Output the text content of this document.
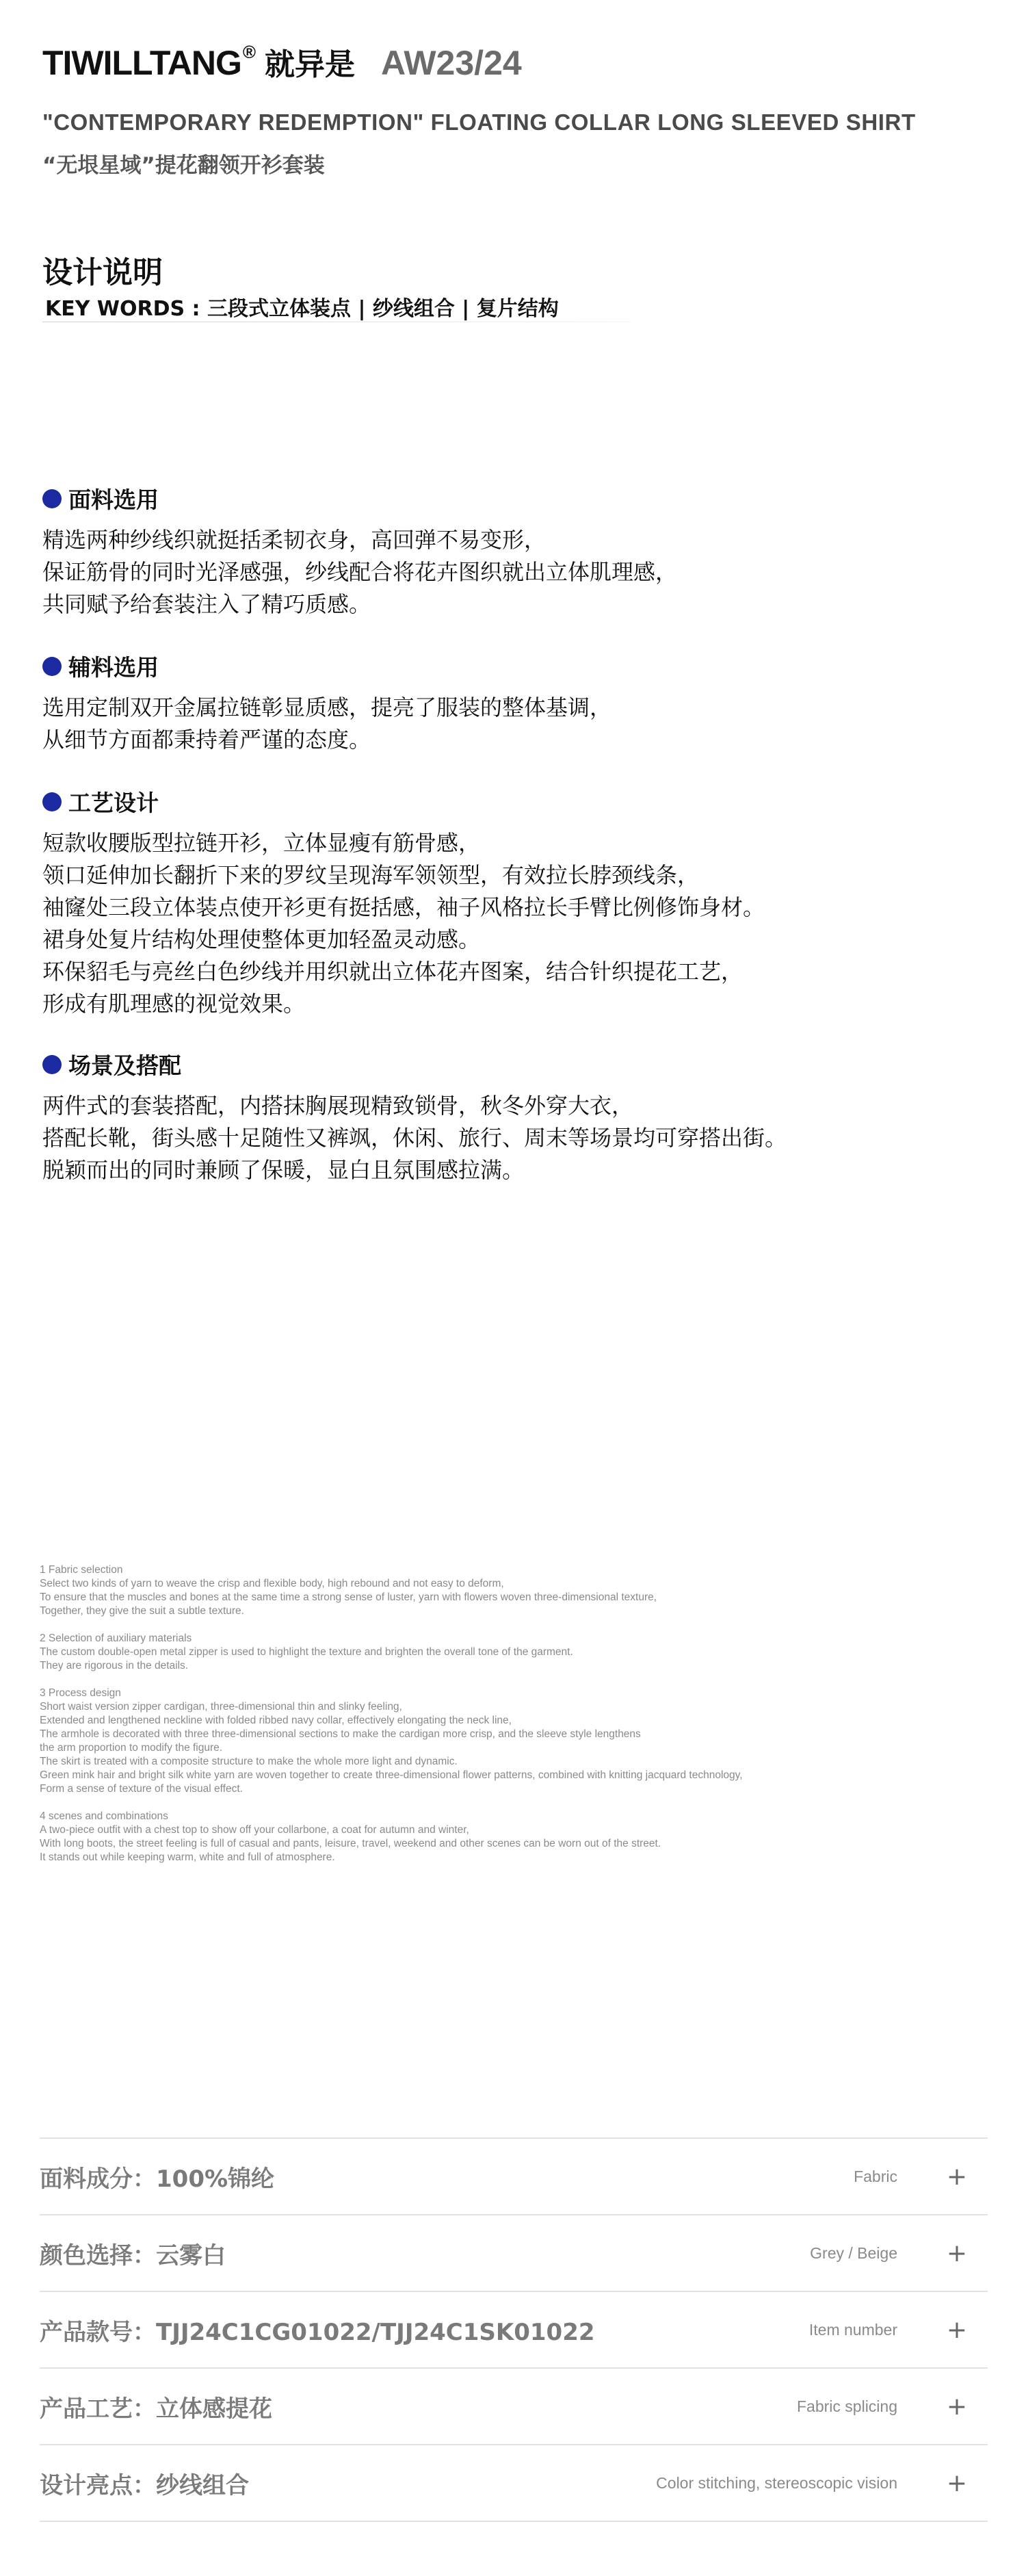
TIWILLTANG® 就异是 AW23/24
"CONTEMPORARY REDEMPTION" FLOATING COLLAR LONG SLEEVED SHIRT
“无垠星域”提花翻领开衫套装
设计说明
KEY WORDS : 三段式立体装点 | 纱线组合 | 复片结构
面料选用
精选两种纱线织就挺括柔韧衣身，高回弹不易变形，
保证筋骨的同时光泽感强，纱线配合将花卉图织就出立体肌理感，
共同赋予给套装注入了精巧质感。
辅料选用
选用定制双开金属拉链彰显质感，提亮了服装的整体基调，
从细节方面都秉持着严谨的态度。
工艺设计
短款收腰版型拉链开衫，立体显瘦有筋骨感，
领口延伸加长翻折下来的罗纹呈现海军领领型，有效拉长脖颈线条，
袖窿处三段立体装点使开衫更有挺括感，袖子风格拉长手臂比例修饰身材。
裙身处复片结构处理使整体更加轻盈灵动感。
环保貂毛与亮丝白色纱线并用织就出立体花卉图案，结合针织提花工艺，
形成有肌理感的视觉效果。
场景及搭配
两件式的套装搭配，内搭抹胸展现精致锁骨，秋冬外穿大衣，
搭配长靴，街头感十足随性又裤飒，休闲、旅行、周末等场景均可穿搭出街。
脱颖而出的同时兼顾了保暖，显白且氛围感拉满。
1 Fabric selection
Select two kinds of yarn to weave the crisp and flexible body, high rebound and not easy to deform,
To ensure that the muscles and bones at the same time a strong sense of luster, yarn with flowers woven three-dimensional texture,
Together, they give the suit a subtle texture.
2 Selection of auxiliary materials
The custom double-open metal zipper is used to highlight the texture and brighten the overall tone of the garment.
They are rigorous in the details.
3 Process design
Short waist version zipper cardigan, three-dimensional thin and slinky feeling,
Extended and lengthened neckline with folded ribbed navy collar, effectively elongating the neck line,
The armhole is decorated with three three-dimensional sections to make the cardigan more crisp, and the sleeve style lengthens
the arm proportion to modify the figure.
The skirt is treated with a composite structure to make the whole more light and dynamic.
Green mink hair and bright silk white yarn are woven together to create three-dimensional flower patterns, combined with knitting jacquard technology,
Form a sense of texture of the visual effect.
4 scenes and combinations
A two-piece outfit with a chest top to show off your collarbone, a coat for autumn and winter,
With long boots, the street feeling is full of casual and pants, leisure, travel, weekend and other scenes can be worn out of the street.
It stands out while keeping warm, white and full of atmosphere.
面料成分：100%锦纶	Fabric +
颜色选择：云雾白	Grey / Beige +
产品款号：TJJ24C1CG01022/TJJ24C1SK01022	Item number +
产品工艺：立体感提花	Fabric splicing +
设计亮点：纱线组合	Color stitching, stereoscopic vision +
